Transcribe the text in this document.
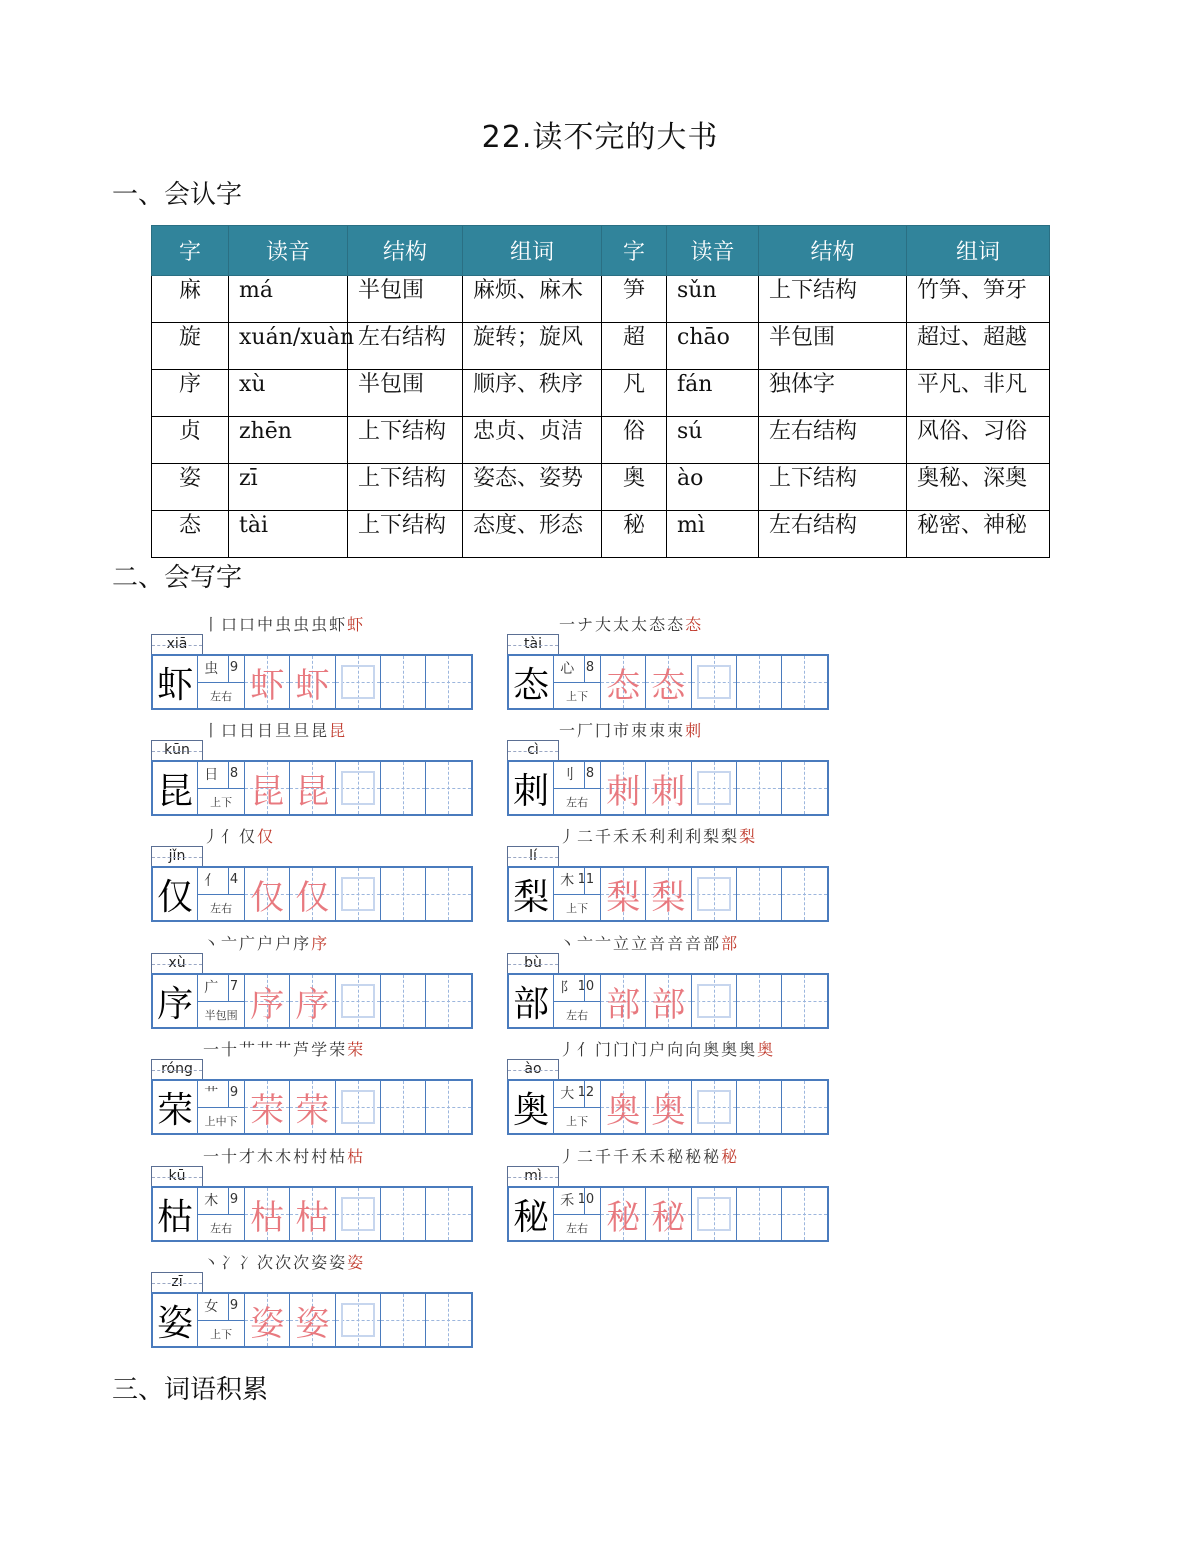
22.读不完的大书
一、会认字
字	读音	结构	组词	字	读音	结构	组词
麻	má	半包围	麻烦、麻木	笋	sǔn	上下结构	竹笋、笋牙
旋	xuán/xuàn	左右结构	旋转；旋风	超	chāo	半包围	超过、超越
序	xù	半包围	顺序、秩序	凡	fán	独体字	平凡、非凡
贞	zhēn	上下结构	忠贞、贞洁	俗	sú	左右结构	风俗、习俗
姿	zī	上下结构	姿态、姿势	奥	ào	上下结构	奥秘、深奥
态	tài	上下结构	态度、形态	秘	mì	左右结构	秘密、神秘
二、会写字
丨口口中虫虫虫虾虾
xiā
虾 虫 9
左右 虾 虾
一ナ大太太态态态
tài
态 心 8
上下 态 态
丨口日日旦旦昆昆
kūn
昆 日 8
上下 昆 昆
一厂冂市朿朿朿刺
cì
刺 刂 8
左右 刺 刺
丿亻仅仅
jǐn
仅 亻 4
左右 仅 仅
丿二千禾禾利利利梨梨梨
lí
梨 木 11
上下 梨 梨
丶亠广户户序序
xù
序 广 7
半包围 序 序
丶亠亠立立咅咅咅部部
bù
部 阝 10
左右 部 部
一十艹艹艹芦学荣荣
róng
荣 艹 9
上中下 荣 荣
丿亻门门门户向向奥奥奥奥
ào
奥 大 12
上下 奥 奥
一十才木木村村枯枯
kū
枯 木 9
左右 枯 枯
丿二千千禾禾秘秘秘秘
mì
秘 禾 10
左右 秘 秘
丶冫冫次次次姿姿姿
zī
姿 女 9
上下 姿 姿
三、词语积累
